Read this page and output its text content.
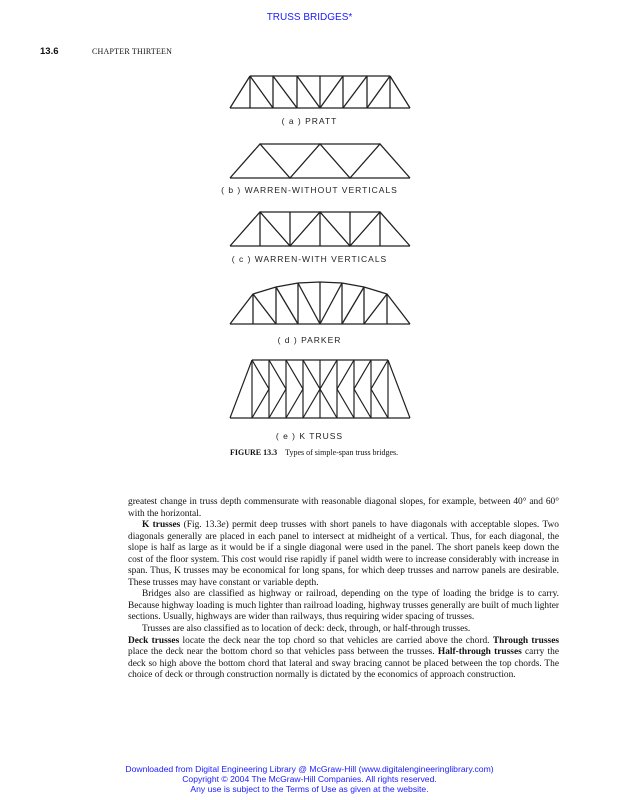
TRUSS BRIDGES*
13.6	CHAPTER THIRTEEN
( a ) PRATT
( b ) WARREN-WITHOUT VERTICALS
( c ) WARREN-WITH VERTICALS
( d ) PARKER
( e ) K TRUSS
FIGURE 13.3 Types of simple-span truss bridges.

greatest change in truss depth commensurate with reasonable diagonal slopes, for example, between 40° and 60° with the horizontal.

K trusses (Fig. 13.3e) permit deep trusses with short panels to have diagonals with acceptable slopes. Two diagonals generally are placed in each panel to intersect at midheight of a vertical. Thus, for each diagonal, the slope is half as large as it would be if a single diagonal were used in the panel. The short panels keep down the cost of the floor system. This cost would rise rapidly if panel width were to increase considerably with increase in span. Thus, K trusses may be economical for long spans, for which deep trusses and narrow panels are desirable. These trusses may have constant or variable depth.

Bridges also are classified as highway or railroad, depending on the type of loading the bridge is to carry. Because highway loading is much lighter than railroad loading, highway trusses generally are built of much lighter sections. Usually, highways are wider than railways, thus requiring wider spacing of trusses.

Trusses are also classified as to location of deck: deck, through, or half-through trusses.

Deck trusses locate the deck near the top chord so that vehicles are carried above the chord. Through trusses place the deck near the bottom chord so that vehicles pass between the trusses. Half-through trusses carry the deck so high above the bottom chord that lateral and sway bracing cannot be placed between the top chords. The choice of deck or through construction normally is dictated by the economics of approach construction.

Downloaded from Digital Engineering Library @ McGraw-Hill (www.digitalengineeringlibrary.com)
Copyright © 2004 The McGraw-Hill Companies. All rights reserved.
Any use is subject to the Terms of Use as given at the website.
